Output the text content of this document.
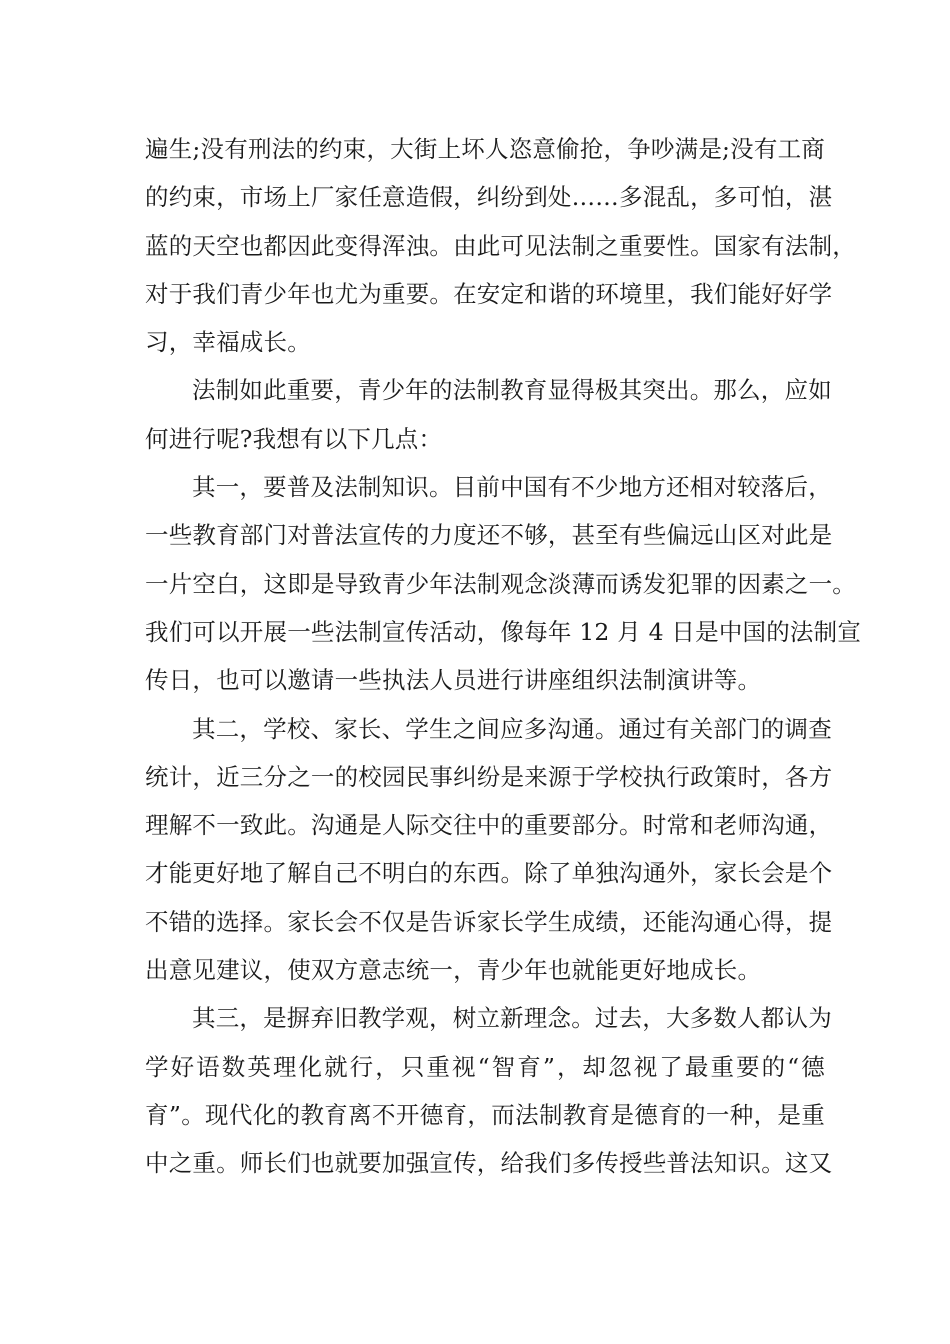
遍生;没有刑法的约束，大街上坏人恣意偷抢，争吵满是;没有工商
的约束，市场上厂家任意造假，纠纷到处……多混乱，多可怕，湛
蓝的天空也都因此变得浑浊。由此可见法制之重要性。国家有法制，
对于我们青少年也尤为重要。在安定和谐的环境里，我们能好好学
习，幸福成长。
法制如此重要，青少年的法制教育显得极其突出。那么，应如
何进行呢?我想有以下几点：
其一，要普及法制知识。目前中国有不少地方还相对较落后，
一些教育部门对普法宣传的力度还不够，甚至有些偏远山区对此是
一片空白，这即是导致青少年法制观念淡薄而诱发犯罪的因素之一。
我们可以开展一些法制宣传活动，像每年 12 月 4 日是中国的法制宣
传日，也可以邀请一些执法人员进行讲座组织法制演讲等。
其二，学校、家长、学生之间应多沟通。通过有关部门的调查
统计，近三分之一的校园民事纠纷是来源于学校执行政策时，各方
理解不一致此。沟通是人际交往中的重要部分。时常和老师沟通，
才能更好地了解自己不明白的东西。除了单独沟通外，家长会是个
不错的选择。家长会不仅是告诉家长学生成绩，还能沟通心得，提
出意见建议，使双方意志统一，青少年也就能更好地成长。
其三，是摒弃旧教学观，树立新理念。过去，大多数人都认为
学好语数英理化就行，只重视“智育”，却忽视了最重要的“德
育”。现代化的教育离不开德育，而法制教育是德育的一种，是重
中之重。师长们也就要加强宣传，给我们多传授些普法知识。这又
